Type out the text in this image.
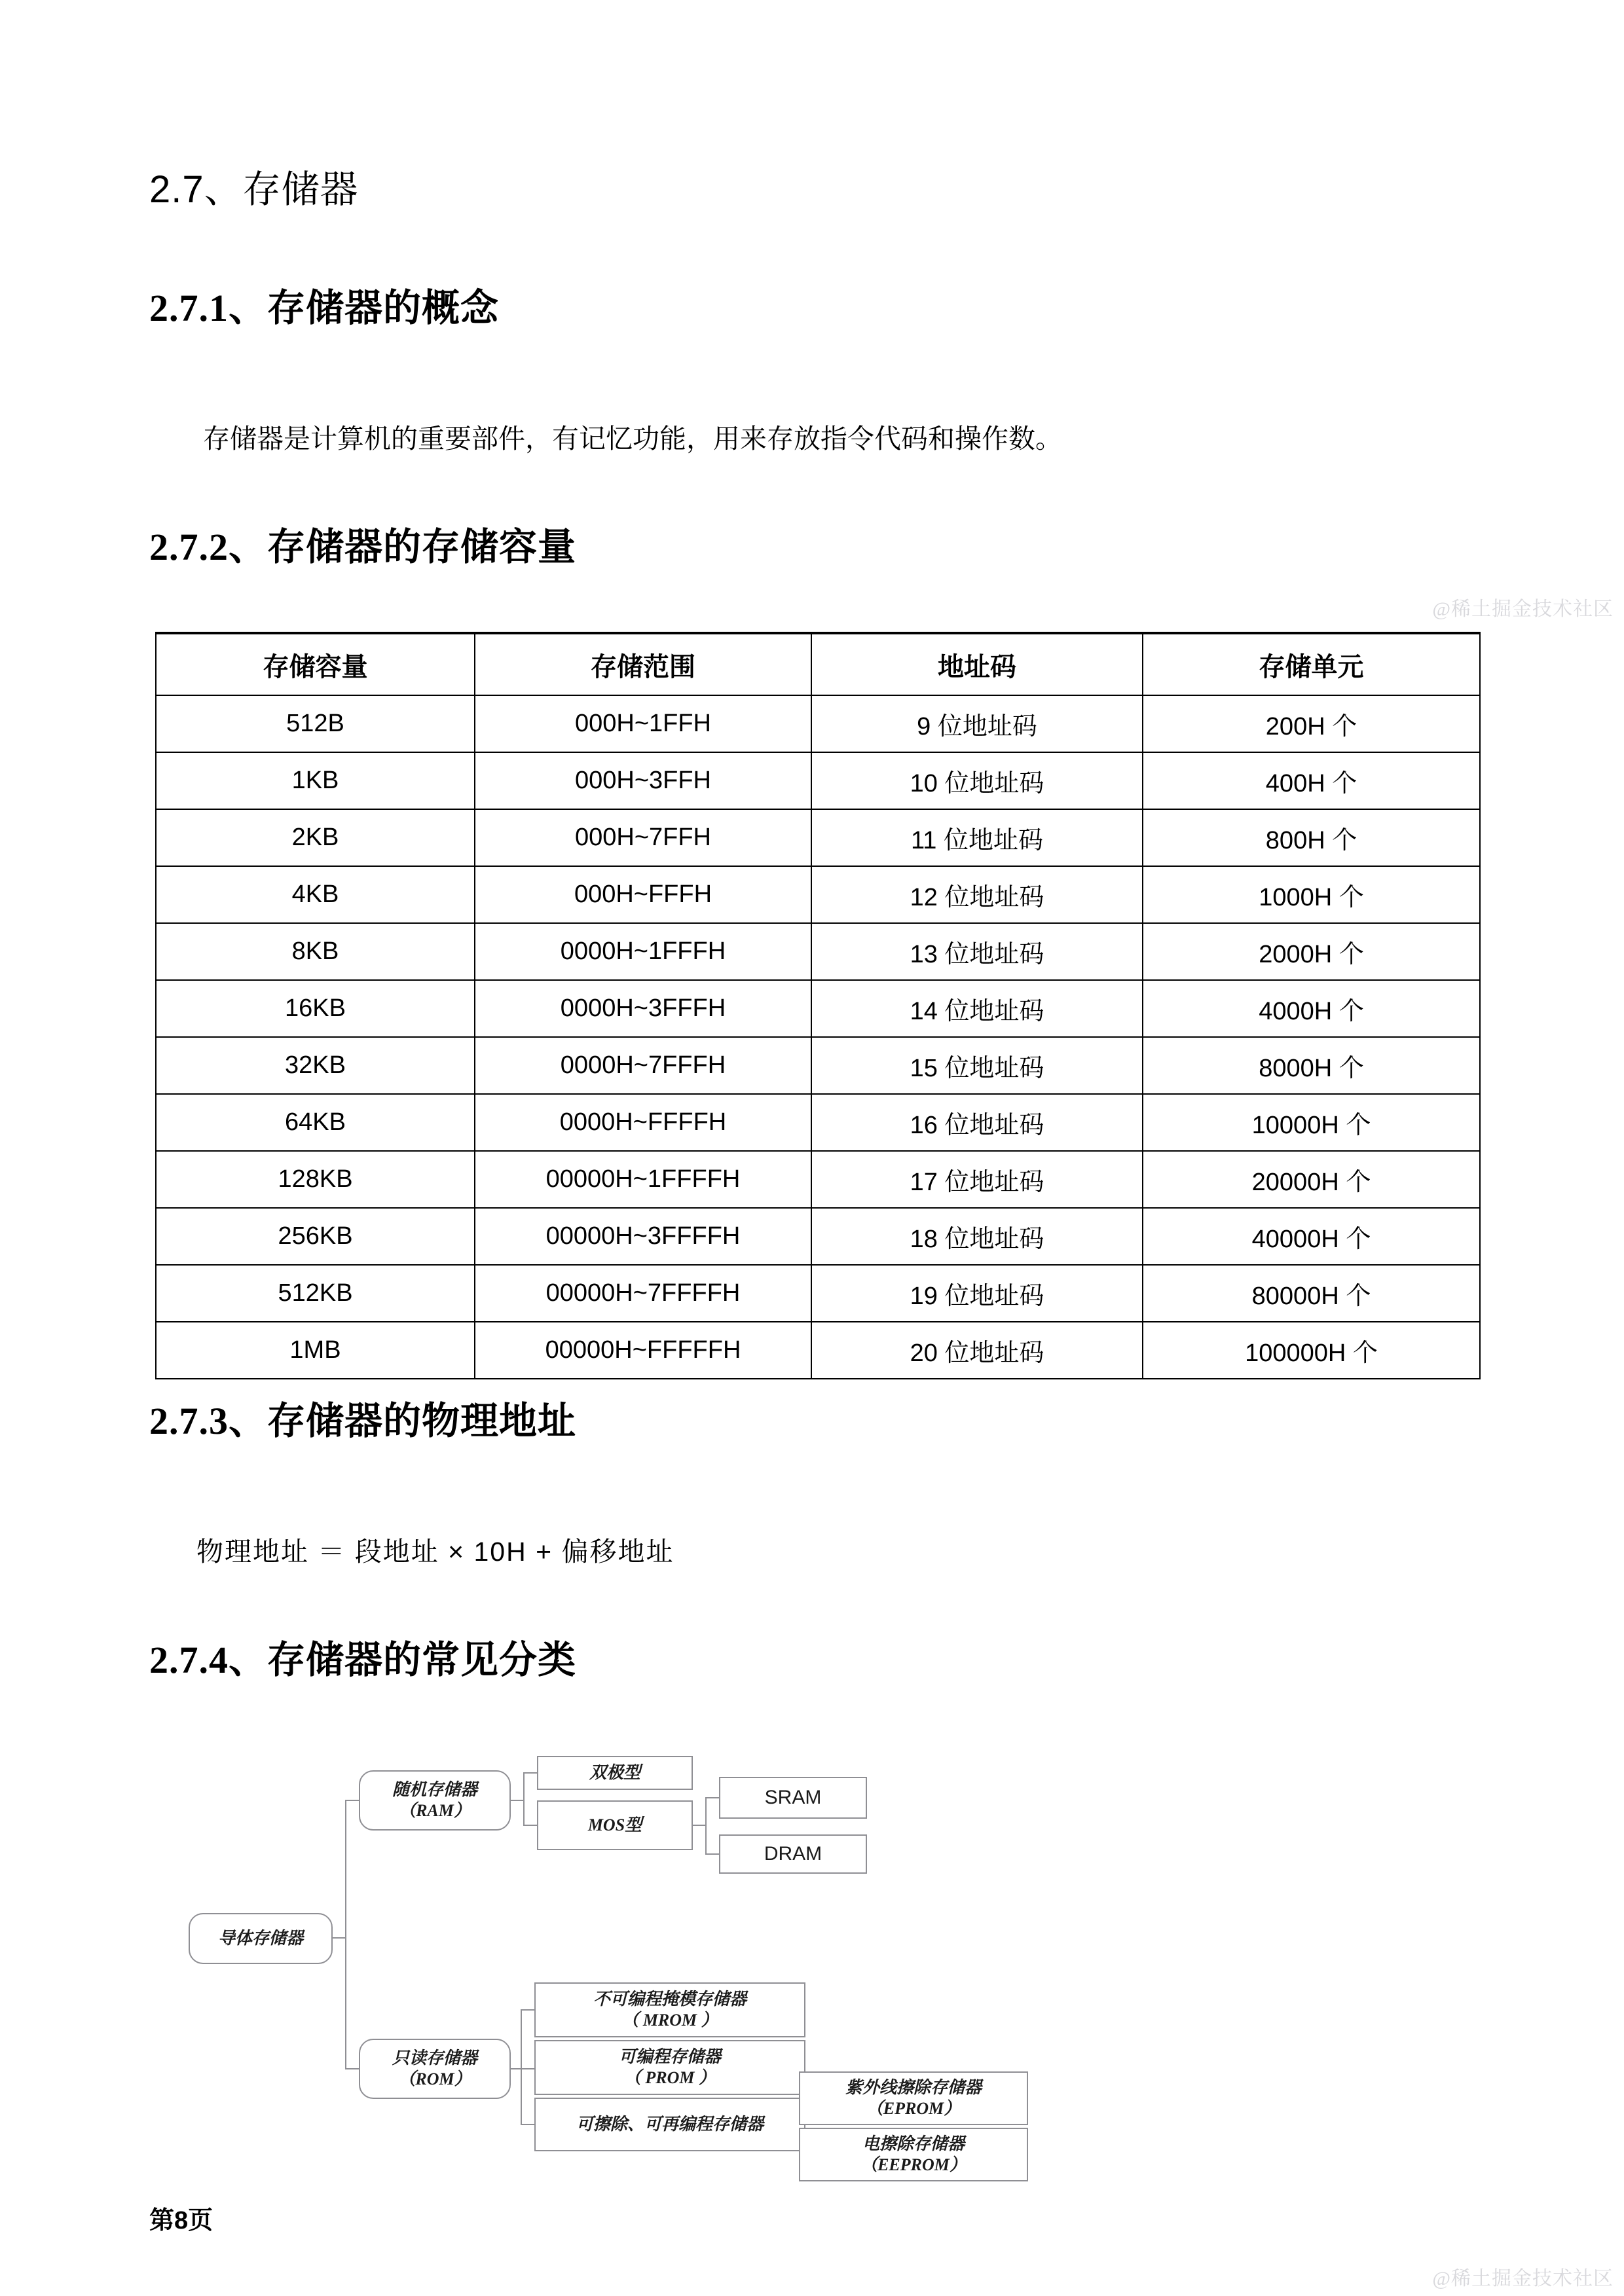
2.7、存储器
2.7.1、存储器的概念

存储器是计算机的重要部件，有记忆功能，用来存放指令代码和操作数。

2.7.2、存储器的存储容量
存储容量	存储范围	地址码	存储单元
512B	000H~1FFH	9 位地址码	200H 个
1KB	000H~3FFH	10 位地址码	400H 个
2KB	000H~7FFH	11 位地址码	800H 个
4KB	000H~FFFH	12 位地址码	1000H 个
8KB	0000H~1FFFH	13 位地址码	2000H 个
16KB	0000H~3FFFH	14 位地址码	4000H 个
32KB	0000H~7FFFH	15 位地址码	8000H 个
64KB	0000H~FFFFH	16 位地址码	10000H 个
128KB	00000H~1FFFFH	17 位地址码	20000H 个
256KB	00000H~3FFFFH	18 位地址码	40000H 个
512KB	00000H~7FFFFH	19 位地址码	80000H 个
1MB	00000H~FFFFFH	20 位地址码	100000H 个
2.7.3、存储器的物理地址

物理地址 ＝ 段地址 × 10H + 偏移地址

2.7.4、存储器的常见分类
导体存储器
随机存储器
（RAM）
只读存储器
（ROM）
双极型
MOS型
SRAM
DRAM
不可编程掩模存储器
（ MROM ）
可编程存储器
（ PROM ）
可擦除、可再编程存储器
紫外线擦除存储器
（EPROM）
电擦除存储器
（EEPROM）

第8页

@稀土掘金技术社区
@稀土掘金技术社区
